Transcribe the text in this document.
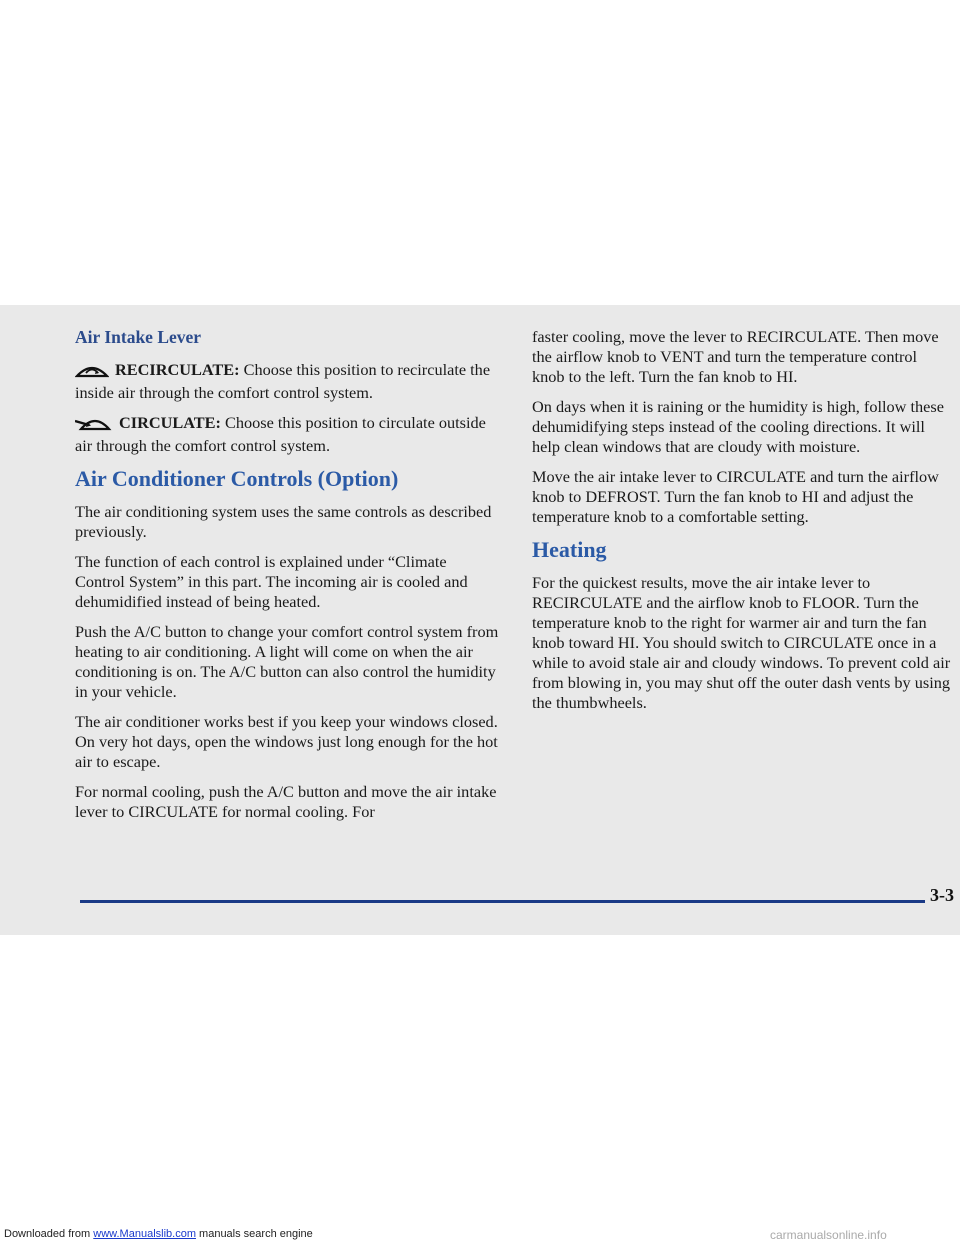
Air Intake Lever

RECIRCULATE: Choose this position to recirculate the inside air through the comfort control system.

CIRCULATE: Choose this position to circulate outside air through the comfort control system.

Air Conditioner Controls (Option)

The air conditioning system uses the same controls as described previously.

The function of each control is explained under “Climate Control System” in this part. The incoming air is cooled and dehumidified instead of being heated.

Push the A/C button to change your comfort control system from heating to air conditioning. A light will come on when the air conditioning is on. The A/C button can also control the humidity in your vehicle.

The air conditioner works best if you keep your windows closed. On very hot days, open the windows just long enough for the hot air to escape.

For normal cooling, push the A/C button and move the air intake lever to CIRCULATE for normal cooling. For

faster cooling, move the lever to RECIRCULATE. Then move the airflow knob to VENT and turn the temperature control knob to the left. Turn the fan knob to HI.

On days when it is raining or the humidity is high, follow these dehumidifying steps instead of the cooling directions. It will help clean windows that are cloudy with moisture.

Move the air intake lever to CIRCULATE and turn the airflow knob to DEFROST. Turn the fan knob to HI and adjust the temperature knob to a comfortable setting.

Heating

For the quickest results, move the air intake lever to RECIRCULATE and the airflow knob to FLOOR. Turn the temperature knob to the right for warmer air and turn the fan knob toward HI. You should switch to CIRCULATE once in a while to avoid stale air and cloudy windows. To prevent cold air from blowing in, you may shut off the outer dash vents by using the thumbwheels.

3-3
Downloaded from www.Manualslib.com manuals search engine	carmanualsonline.info
